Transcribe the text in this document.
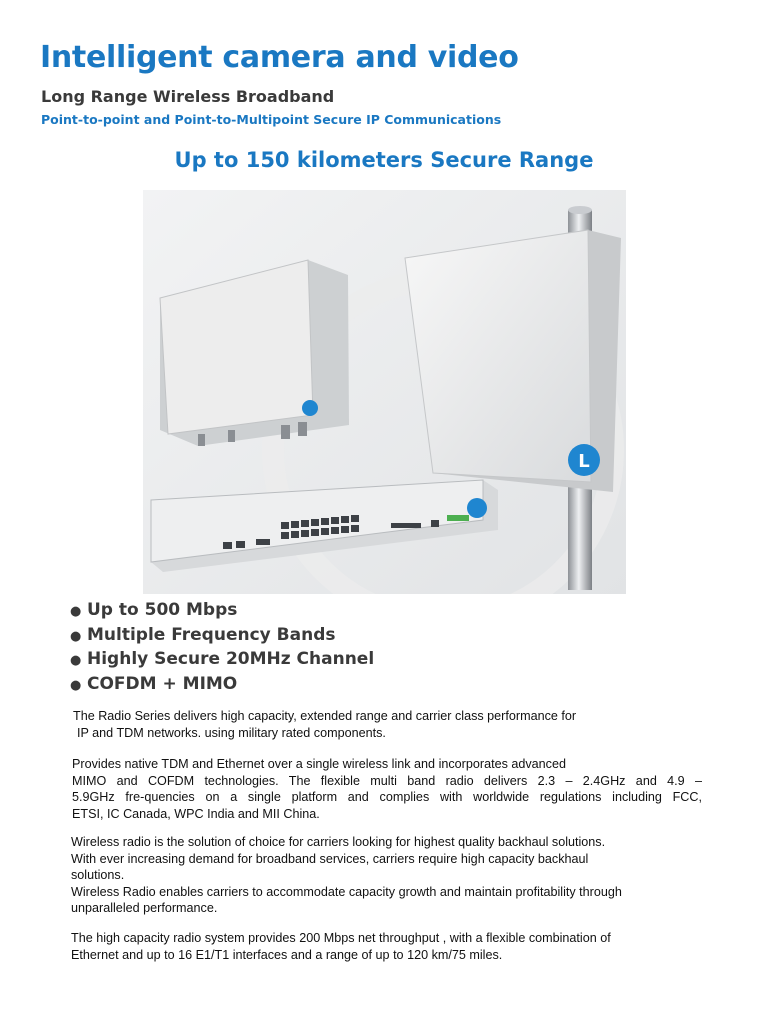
Intelligent camera and video

Long Range Wireless Broadband

Point-to-point and Point-to-Multipoint Secure IP Communications

Up to 150 kilometers Secure Range
L
● Up to 500 Mbps
● Multiple Frequency Bands
● Highly Secure 20MHz Channel
● COFDM + MIMO
The Radio Series delivers high capacity, extended range and carrier class performance for
IP and TDM networks. using military rated components.
Provides native TDM and Ethernet over a single wireless link and incorporates advanced
MIMO and COFDM technologies. The flexible multi band radio delivers 2.3 – 2.4GHz and 4.9 –
5.9GHz fre-quencies on a single platform and complies with worldwide regulations including FCC,
ETSI, IC Canada, WPC India and MII China.
Wireless radio is the solution of choice for carriers looking for highest quality backhaul solutions.
With ever increasing demand for broadband services, carriers require high capacity backhaul
solutions.
Wireless Radio enables carriers to accommodate capacity growth and maintain profitability through
unparalleled performance.
The high capacity radio system provides 200 Mbps net throughput , with a flexible combination of
Ethernet and up to 16 E1/T1 interfaces and a range of up to 120 km/75 miles.
